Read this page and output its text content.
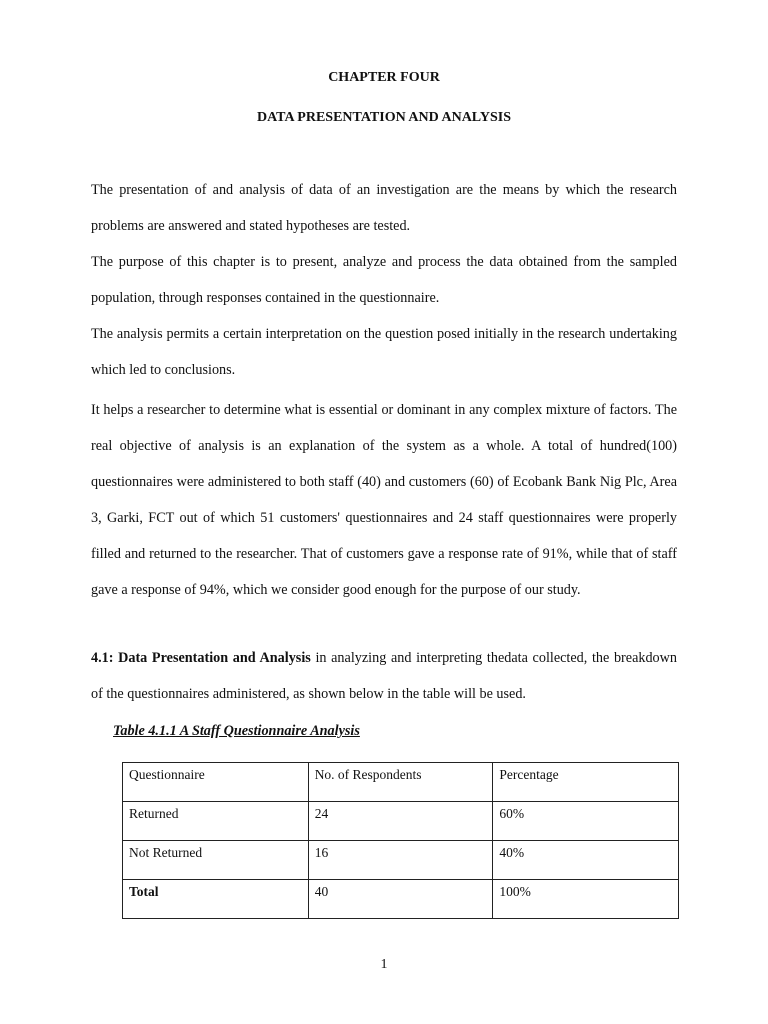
CHAPTER FOUR
DATA PRESENTATION AND ANALYSIS

The presentation of and analysis of data of an investigation are the means by which the research problems are answered and stated hypotheses are tested.

The purpose of this chapter is to present, analyze and process the data obtained from the sampled population, through responses contained in the questionnaire.

The analysis permits a certain interpretation on the question posed initially in the research undertaking which led to conclusions.

It helps a researcher to determine what is essential or dominant in any complex mixture of factors. The real objective of analysis is an explanation of the system as a whole. A total of hundred(100) questionnaires were administered to both staff (40) and customers (60) of Ecobank Bank Nig Plc, Area 3, Garki, FCT out of which 51 customers' questionnaires and 24 staff questionnaires were properly filled and returned to the researcher. That of customers gave a response rate of 91%, while that of staff gave a response of 94%, which we consider good enough for the purpose of our study.

4.1: Data Presentation and Analysis in analyzing and interpreting thedata collected, the breakdown of the questionnaires administered, as shown below in the table will be used.

Table 4.1.1 A Staff Questionnaire Analysis
Questionnaire	No. of Respondents	Percentage
Returned	24	60%
Not Returned	16	40%
Total	40	100%
1
